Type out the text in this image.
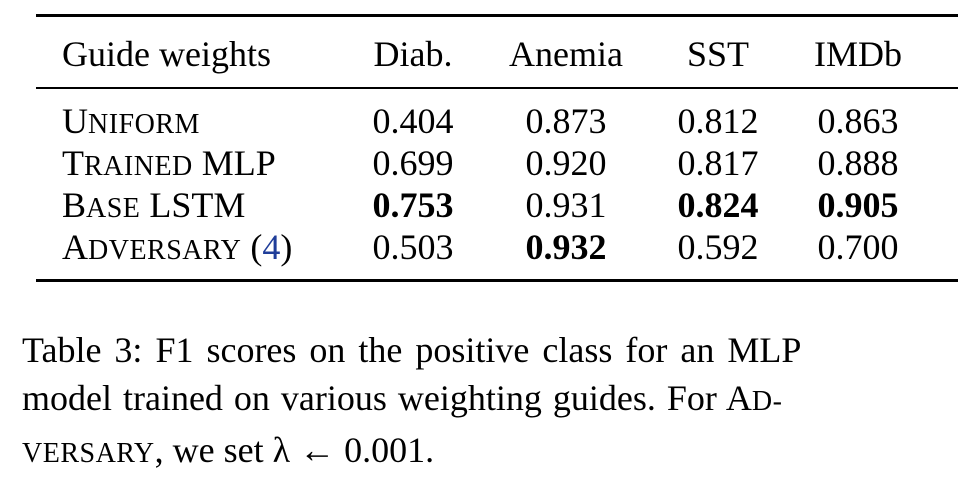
Guide weights	Diab.	Anemia	SST	IMDb
UNIFORM	0.404	0.873	0.812	0.863
TRAINED MLP	0.699	0.920	0.817	0.888
BASE LSTM	0.753	0.931	0.824	0.905
ADVERSARY (4)	0.503	0.932	0.592	0.700
Table 3: F1 scores on the positive class for an MLP
model trained on various weighting guides. For AD-
VERSARY, we set λ ← 0.001.
